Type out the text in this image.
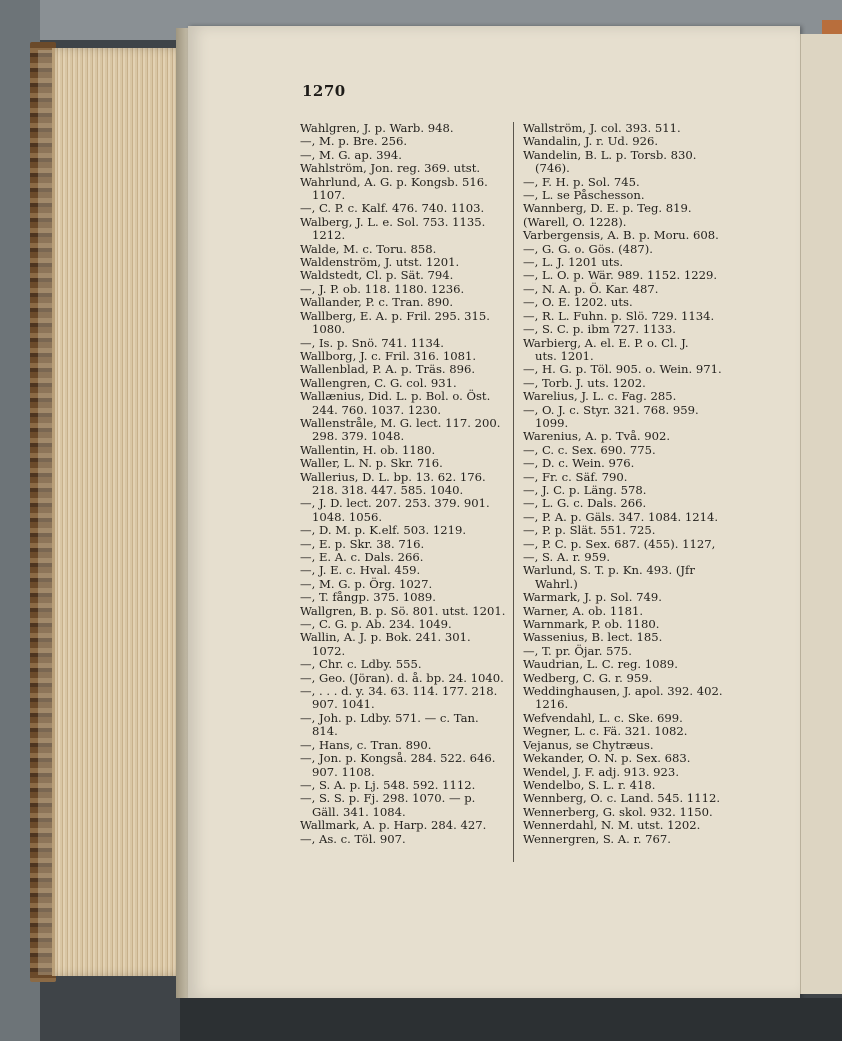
1270
Wahlgren, J. p. Warb. 948.
—, M. p. Bre. 256.
—, M. G. ap. 394.
Wahlström, Jon. reg. 369. utst.
Wahrlund, A. G. p. Kongsb. 516.
1107.
—, C. P. c. Kalf. 476. 740. 1103.
Walberg, J. L. e. Sol. 753. 1135.
1212.
Walde, M. c. Toru. 858.
Waldenström, J. utst. 1201.
Waldstedt, Cl. p. Sät. 794.
—, J. P. ob. 118. 1180. 1236.
Wallander, P. c. Tran. 890.
Wallberg, E. A. p. Fril. 295. 315.
1080.
—, Is. p. Snö. 741. 1134.
Wallborg, J. c. Fril. 316. 1081.
Wallenblad, P. A. p. Träs. 896.
Wallengren, C. G. col. 931.
Wallænius, Did. L. p. Bol. o. Öst.
244. 760. 1037. 1230.
Wallenstråle, M. G. lect. 117. 200.
298. 379. 1048.
Wallentin, H. ob. 1180.
Waller, L. N. p. Skr. 716.
Wallerius, D. L. bp. 13. 62. 176.
218. 318. 447. 585. 1040.
—, J. D. lect. 207. 253. 379. 901.
1048. 1056.
—, D. M. p. K.elf. 503. 1219.
—, E. p. Skr. 38. 716.
—, E. A. c. Dals. 266.
—, J. E. c. Hval. 459.
—, M. G. p. Örg. 1027.
—, T. fångp. 375. 1089.
Wallgren, B. p. Sö. 801. utst. 1201.
—, C. G. p. Ab. 234. 1049.
Wallin, A. J. p. Bok. 241. 301.
1072.
—, Chr. c. Ldby. 555.
—, Geo. (Jöran). d. å. bp. 24. 1040.
—, . . . d. y. 34. 63. 114. 177. 218.
907. 1041.
—, Joh. p. Ldby. 571. — c. Tan.
814.
—, Hans, c. Tran. 890.
—, Jon. p. Kongså. 284. 522. 646.
907. 1108.
—, S. A. p. Lj. 548. 592. 1112.
—, S. S. p. Fj. 298. 1070. — p.
Gäll. 341. 1084.
Wallmark, A. p. Harp. 284. 427.
—, As. c. Töl. 907.
Wallström, J. col. 393. 511.
Wandalin, J. r. Ud. 926.
Wandelin, B. L. p. Torsb. 830.
(746).
—, F. H. p. Sol. 745.
—, L. se Påschesson.
Wannberg, D. E. p. Teg. 819.
(Warell, O. 1228).
Varbergensis, A. B. p. Moru. 608.
—, G. G. o. Gös. (487).
—, L. J. 1201 uts.
—, L. O. p. Wär. 989. 1152. 1229.
—, N. A. p. Ö. Kar. 487.
—, O. E. 1202. uts.
—, R. L. Fuhn. p. Slö. 729. 1134.
—, S. C. p. ibm 727. 1133.
Warbierg, A. el. E. P. o. Cl. J.
uts. 1201.
—, H. G. p. Töl. 905. o. Wein. 971.
—, Torb. J. uts. 1202.
Warelius, J. L. c. Fag. 285.
—, O. J. c. Styr. 321. 768. 959.
1099.
Warenius, A. p. Två. 902.
—, C. c. Sex. 690. 775.
—, D. c. Wein. 976.
—, Fr. c. Säf. 790.
—, J. C. p. Läng. 578.
—, L. G. c. Dals. 266.
—, P. A. p. Gäls. 347. 1084. 1214.
—, P. p. Slät. 551. 725.
—, P. C. p. Sex. 687. (455). 1127,
—, S. A. r. 959.
Warlund, S. T. p. Kn. 493. (Jfr
Wahrl.)
Warmark, J. p. Sol. 749.
Warner, A. ob. 1181.
Warnmark, P. ob. 1180.
Wassenius, B. lect. 185.
—, T. pr. Öjar. 575.
Waudrian, L. C. reg. 1089.
Wedberg, C. G. r. 959.
Weddinghausen, J. apol. 392. 402.
1216.
Wefvendahl, L. c. Ske. 699.
Wegner, L. c. Fä. 321. 1082.
Vejanus, se Chytræus.
Wekander, O. N. p. Sex. 683.
Wendel, J. F. adj. 913. 923.
Wendelbo, S. L. r. 418.
Wennberg, O. c. Land. 545. 1112.
Wennerberg, G. skol. 932. 1150.
Wennerdahl, N. M. utst. 1202.
Wennergren, S. A. r. 767.
